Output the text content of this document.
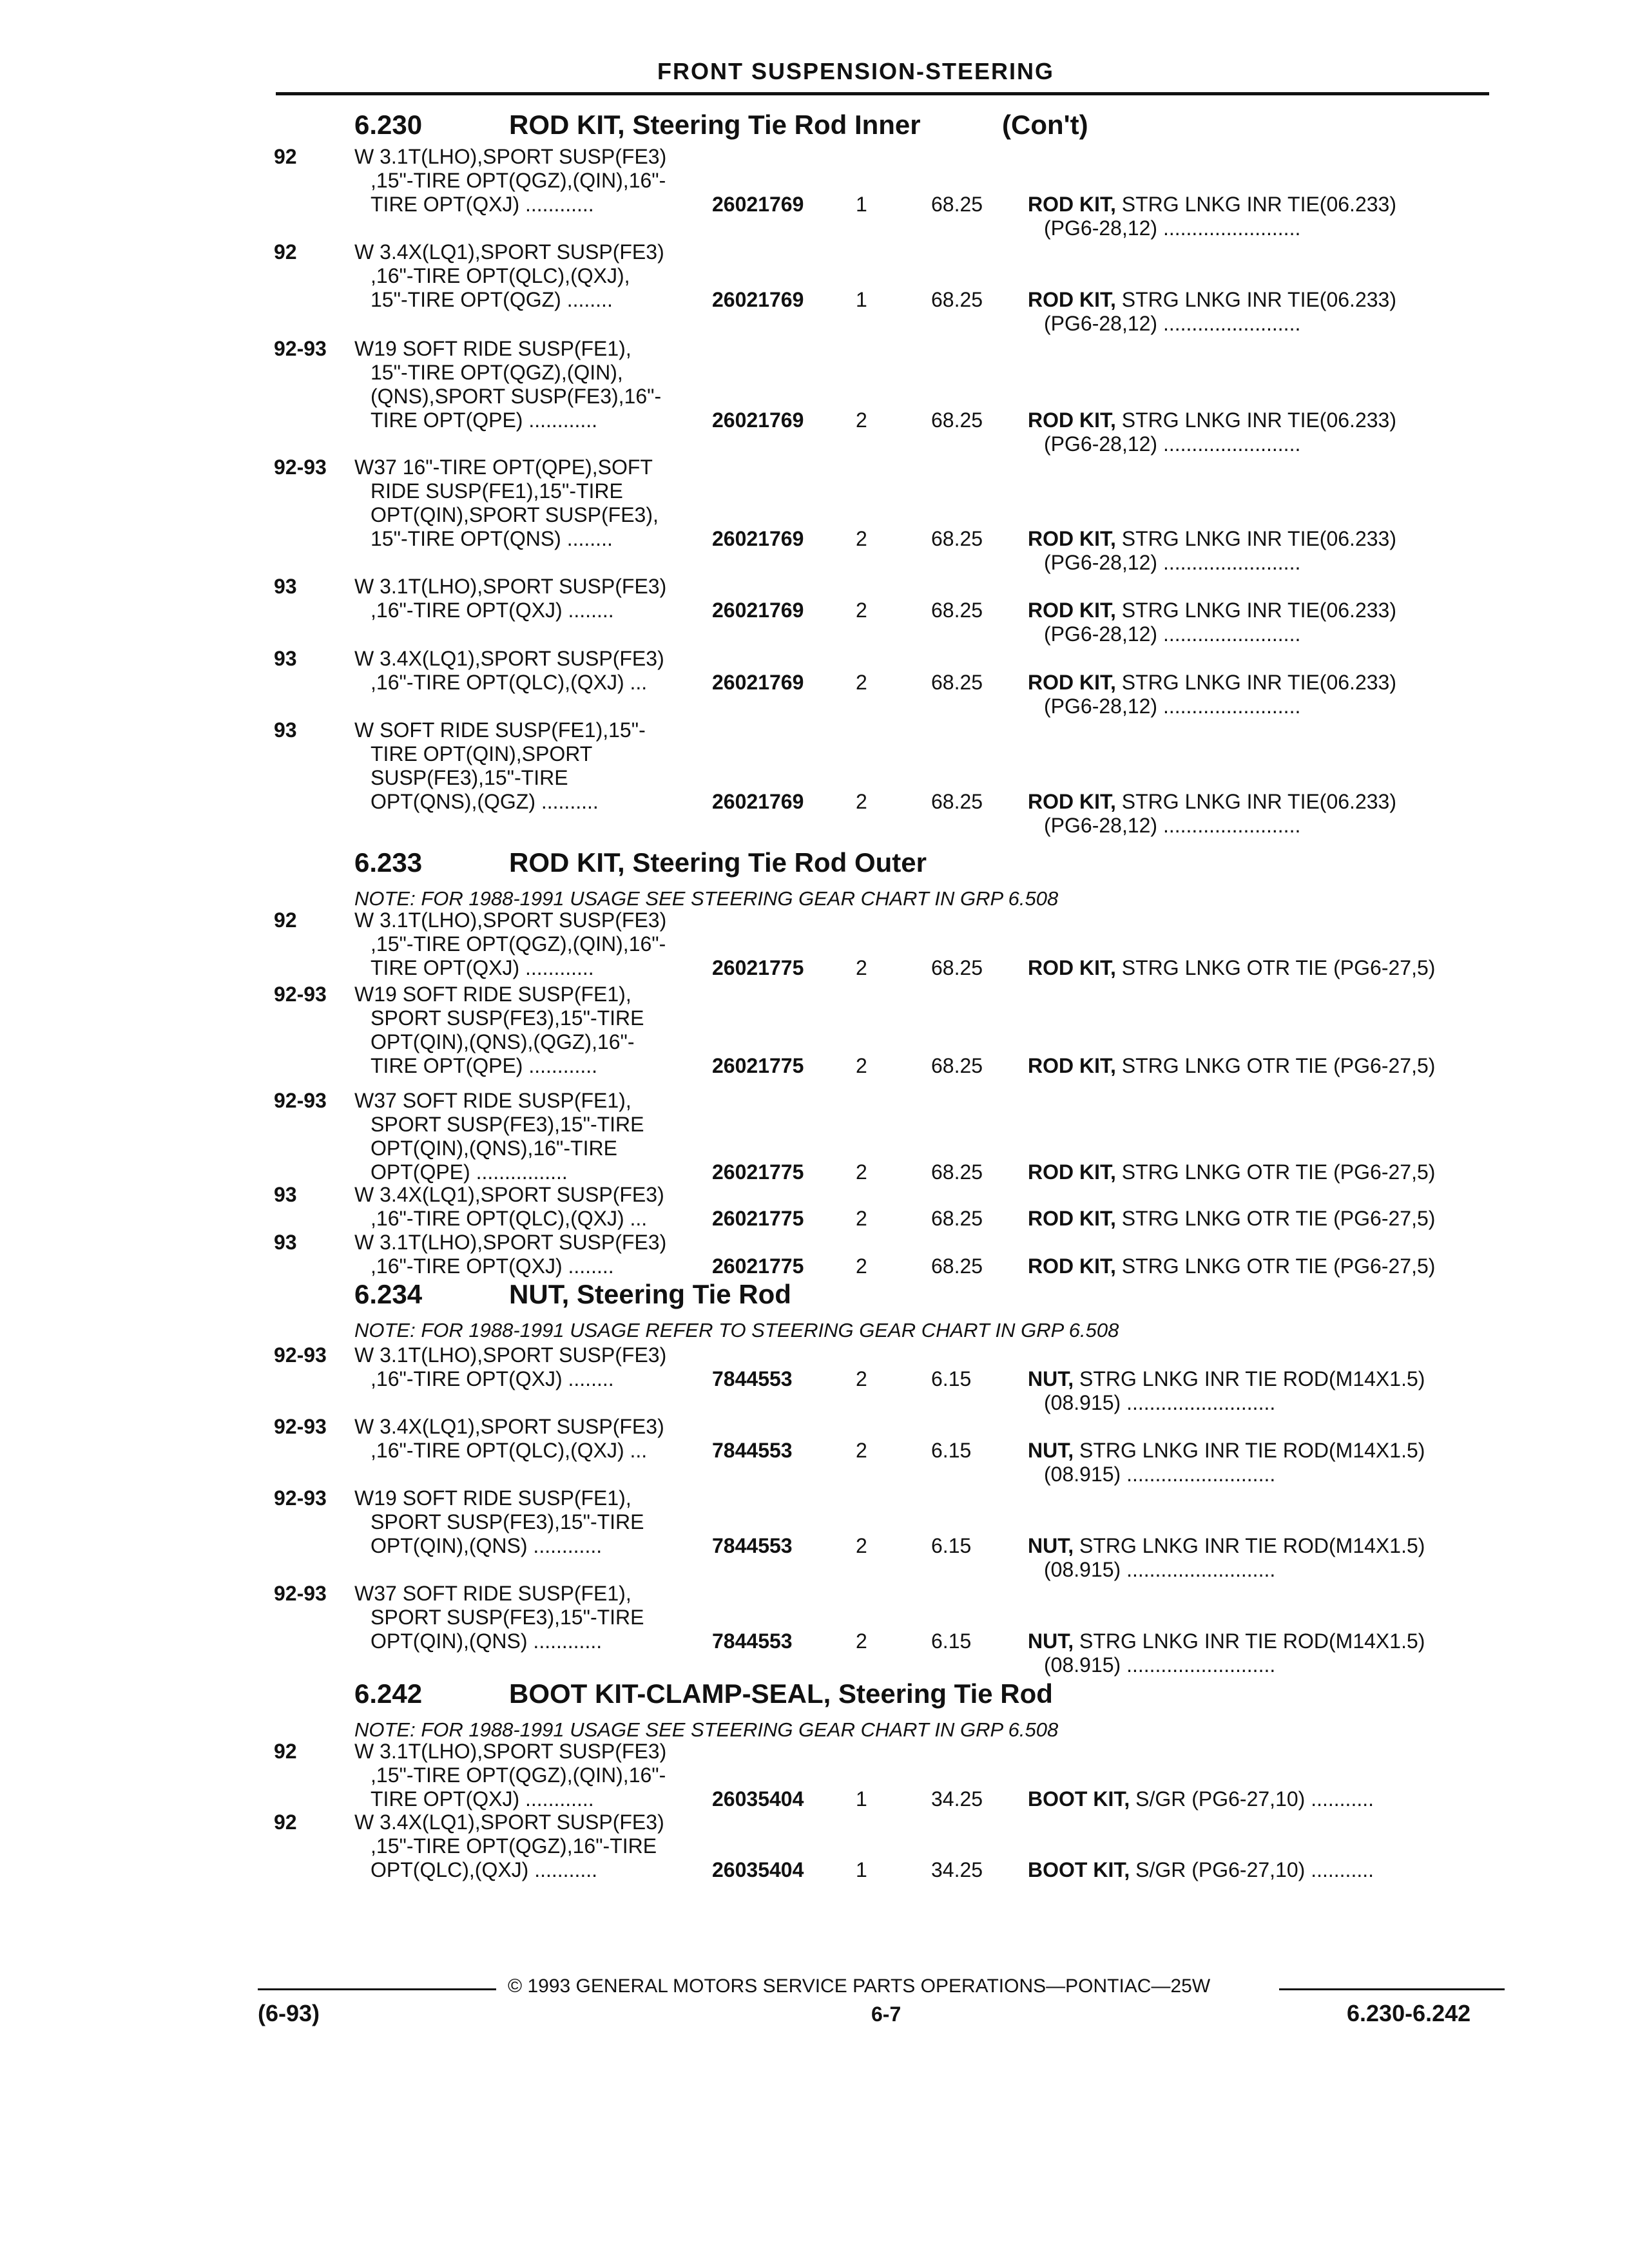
FRONT SUSPENSION-STEERING
6.230	ROD KIT, Steering Tie Rod Inner	(Con't)
92	W 3.1T(LHO),SPORT SUSP(FE3)
,15"-TIRE OPT(QGZ),(QIN),16"-
TIRE OPT(QXJ) ............	26021769	1	68.25 ROD KIT, STRG LNKG INR TIE(06.233)
(PG6-28,12) ........................
92	W 3.4X(LQ1),SPORT SUSP(FE3)
,16"-TIRE OPT(QLC),(QXJ),
15"-TIRE OPT(QGZ) ........	26021769	1	68.25 ROD KIT, STRG LNKG INR TIE(06.233)
(PG6-28,12) ........................
92-93 W19 SOFT RIDE SUSP(FE1),
15"-TIRE OPT(QGZ),(QIN),
(QNS),SPORT SUSP(FE3),16"-
TIRE OPT(QPE) ............	26021769	2	68.25 ROD KIT, STRG LNKG INR TIE(06.233)
(PG6-28,12) ........................
92-93 W37 16"-TIRE OPT(QPE),SOFT
RIDE SUSP(FE1),15"-TIRE
OPT(QIN),SPORT SUSP(FE3),
15"-TIRE OPT(QNS) ........	26021769	2	68.25 ROD KIT, STRG LNKG INR TIE(06.233)
(PG6-28,12) ........................
93	W 3.1T(LHO),SPORT SUSP(FE3)
,16"-TIRE OPT(QXJ) ........	26021769	2	68.25 ROD KIT, STRG LNKG INR TIE(06.233)
(PG6-28,12) ........................
93	W 3.4X(LQ1),SPORT SUSP(FE3)
,16"-TIRE OPT(QLC),(QXJ) ...	26021769	2	68.25 ROD KIT, STRG LNKG INR TIE(06.233)
(PG6-28,12) ........................
93	W SOFT RIDE SUSP(FE1),15"-
TIRE OPT(QIN),SPORT
SUSP(FE3),15"-TIRE
OPT(QNS),(QGZ) ..........	26021769	2	68.25 ROD KIT, STRG LNKG INR TIE(06.233)
(PG6-28,12) ........................
6.233	ROD KIT, Steering Tie Rod Outer
NOTE: FOR 1988-1991 USAGE SEE STEERING GEAR CHART IN GRP 6.508
92	W 3.1T(LHO),SPORT SUSP(FE3)
,15"-TIRE OPT(QGZ),(QIN),16"-
TIRE OPT(QXJ) ............	26021775	2	68.25 ROD KIT, STRG LNKG OTR TIE (PG6-27,5)
92-93 W19 SOFT RIDE SUSP(FE1),
SPORT SUSP(FE3),15"-TIRE
OPT(QIN),(QNS),(QGZ),16"-
TIRE OPT(QPE) ............	26021775	2	68.25 ROD KIT, STRG LNKG OTR TIE (PG6-27,5)
92-93 W37 SOFT RIDE SUSP(FE1),
SPORT SUSP(FE3),15"-TIRE
OPT(QIN),(QNS),16"-TIRE
OPT(QPE) ................	26021775	2	68.25 ROD KIT, STRG LNKG OTR TIE (PG6-27,5)
93	W 3.4X(LQ1),SPORT SUSP(FE3)
,16"-TIRE OPT(QLC),(QXJ) ...	26021775	2	68.25 ROD KIT, STRG LNKG OTR TIE (PG6-27,5)
93	W 3.1T(LHO),SPORT SUSP(FE3)
,16"-TIRE OPT(QXJ) ........	26021775	2	68.25 ROD KIT, STRG LNKG OTR TIE (PG6-27,5)
6.234	NUT, Steering Tie Rod
NOTE: FOR 1988-1991 USAGE REFER TO STEERING GEAR CHART IN GRP 6.508
92-93 W 3.1T(LHO),SPORT SUSP(FE3)
,16"-TIRE OPT(QXJ) ........	7844553	2	6.15	NUT, STRG LNKG INR TIE ROD(M14X1.5)
(08.915) ..........................
92-93 W 3.4X(LQ1),SPORT SUSP(FE3)
,16"-TIRE OPT(QLC),(QXJ) ...	7844553	2	6.15	NUT, STRG LNKG INR TIE ROD(M14X1.5)
(08.915) ..........................
92-93 W19 SOFT RIDE SUSP(FE1),
SPORT SUSP(FE3),15"-TIRE
OPT(QIN),(QNS) ............	7844553	2	6.15	NUT, STRG LNKG INR TIE ROD(M14X1.5)
(08.915) ..........................
92-93 W37 SOFT RIDE SUSP(FE1),
SPORT SUSP(FE3),15"-TIRE
OPT(QIN),(QNS) ............	7844553	2	6.15	NUT, STRG LNKG INR TIE ROD(M14X1.5)
(08.915) ..........................
6.242	BOOT KIT-CLAMP-SEAL, Steering Tie Rod
NOTE: FOR 1988-1991 USAGE SEE STEERING GEAR CHART IN GRP 6.508
92	W 3.1T(LHO),SPORT SUSP(FE3)
,15"-TIRE OPT(QGZ),(QIN),16"-
TIRE OPT(QXJ) ............	26035404	1	34.25 BOOT KIT, S/GR (PG6-27,10) ...........
92	W 3.4X(LQ1),SPORT SUSP(FE3)
,15"-TIRE OPT(QGZ),16"-TIRE
OPT(QLC),(QXJ) ...........	26035404	1	34.25 BOOT KIT, S/GR (PG6-27,10) ...........
© 1993 GENERAL MOTORS SERVICE PARTS OPERATIONS—PONTIAC—25W
(6-93)	6-7	6.230-6.242
